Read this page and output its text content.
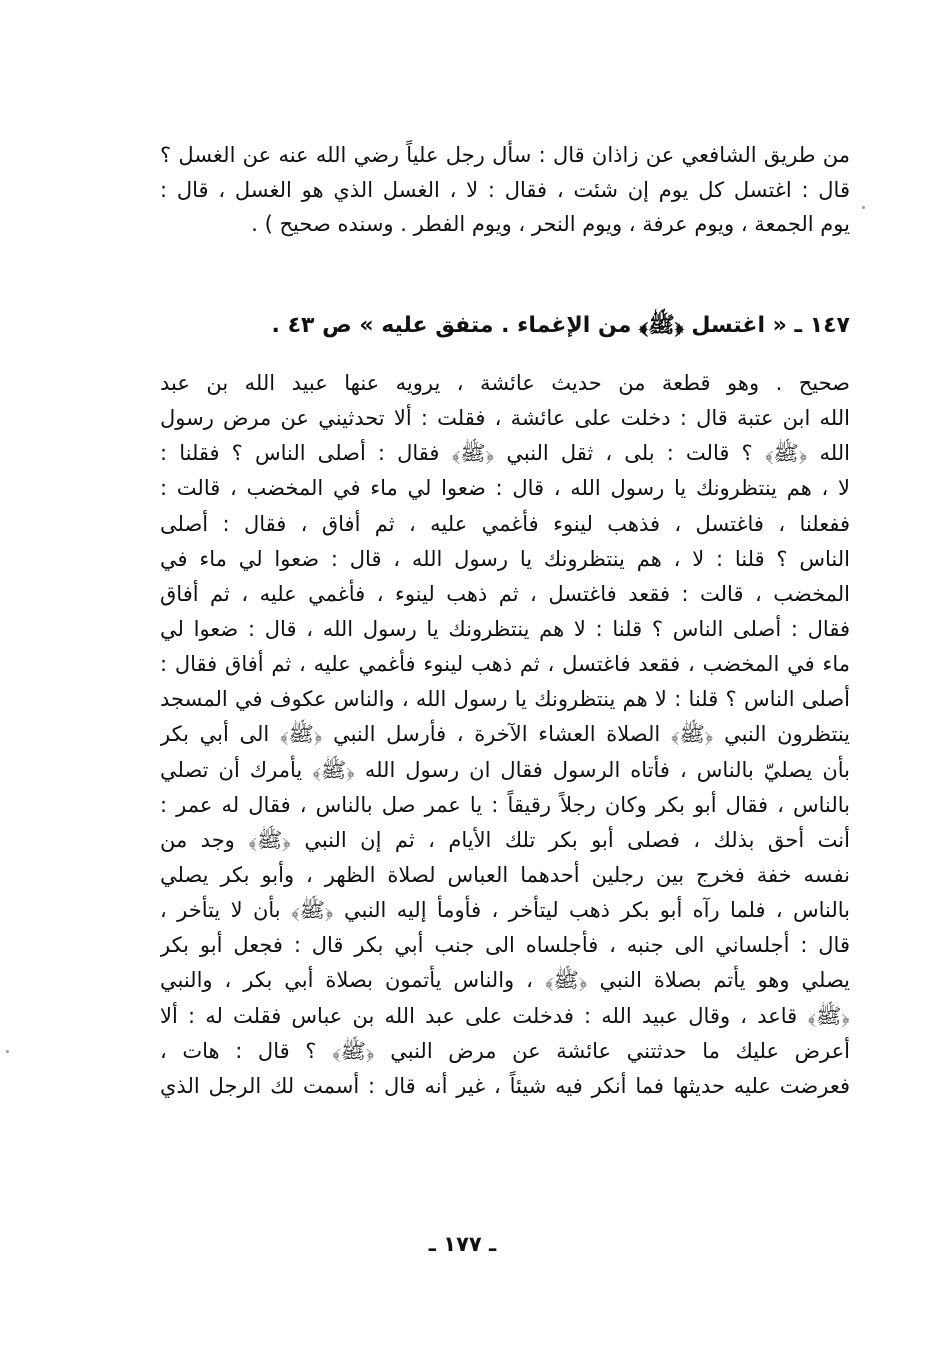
من طريق الشافعي عن زاذان قال : سأل رجل علياً رضي الله عنه عن الغسل ؟
قال : اغتسل كل يوم إن شئت ، فقال : لا ، الغسل الذي هو الغسل ، قال :
يوم الجمعة ، ويوم عرفة ، ويوم النحر ، ويوم الفطر . وسنده صحيح ) .
١٤٧ ـ « اغتسل ﴿ﷺ﴾ من الإغماء . متفق عليه » ص ٤٣ .
صحيح . وهو قطعة من حديث عائشة ، يرويه عنها عبيد الله بن عبد
الله ابن عتبة قال : دخلت على عائشة ، فقلت : ألا تحدثيني عن مرض رسول
الله ﴿ﷺ﴾ ؟ قالت : بلى ، ثقل النبي ﴿ﷺ﴾ فقال : أصلى الناس ؟ فقلنا :
لا ، هم ينتظرونك يا رسول الله ، قال : ضعوا لي ماء في المخضب ، قالت :
ففعلنا ، فاغتسل ، فذهب لينوء فأغمي عليه ، ثم أفاق ، فقال : أصلى
الناس ؟ قلنا : لا ، هم ينتظرونك يا رسول الله ، قال : ضعوا لي ماء في
المخضب ، قالت : فقعد فاغتسل ، ثم ذهب لينوء ، فأغمي عليه ، ثم أفاق
فقال : أصلى الناس ؟ قلنا : لا هم ينتظرونك يا رسول الله ، قال : ضعوا لي
ماء في المخضب ، فقعد فاغتسل ، ثم ذهب لينوء فأغمي عليه ، ثم أفاق فقال :
أصلى الناس ؟ قلنا : لا هم ينتظرونك يا رسول الله ، والناس عكوف في المسجد
ينتظرون النبي ﴿ﷺ﴾ الصلاة العشاء الآخرة ، فأرسل النبي ﴿ﷺ﴾ الى أبي بكر
بأن يصليّ بالناس ، فأتاه الرسول فقال ان رسول الله ﴿ﷺ﴾ يأمرك أن تصلي
بالناس ، فقال أبو بكر وكان رجلاً رقيقاً : يا عمر صل بالناس ، فقال له عمر :
أنت أحق بذلك ، فصلى أبو بكر تلك الأيام ، ثم إن النبي ﴿ﷺ﴾ وجد من
نفسه خفة فخرج بين رجلين أحدهما العباس لصلاة الظهر ، وأبو بكر يصلي
بالناس ، فلما رآه أبو بكر ذهب ليتأخر ، فأومأ إليه النبي ﴿ﷺ﴾ بأن لا يتأخر ،
قال : أجلساني الى جنبه ، فأجلساه الى جنب أبي بكر قال : فجعل أبو بكر
يصلي وهو يأتم بصلاة النبي ﴿ﷺ﴾ ، والناس يأتمون بصلاة أبي بكر ، والنبي
﴿ﷺ﴾ قاعد ، وقال عبيد الله : فدخلت على عبد الله بن عباس فقلت له : ألا
أعرض عليك ما حدثتني عائشة عن مرض النبي ﴿ﷺ﴾ ؟ قال : هات ،
فعرضت عليه حديثها فما أنكر فيه شيئاً ، غير أنه قال : أسمت لك الرجل الذي
ـ ١٧٧ ـ
